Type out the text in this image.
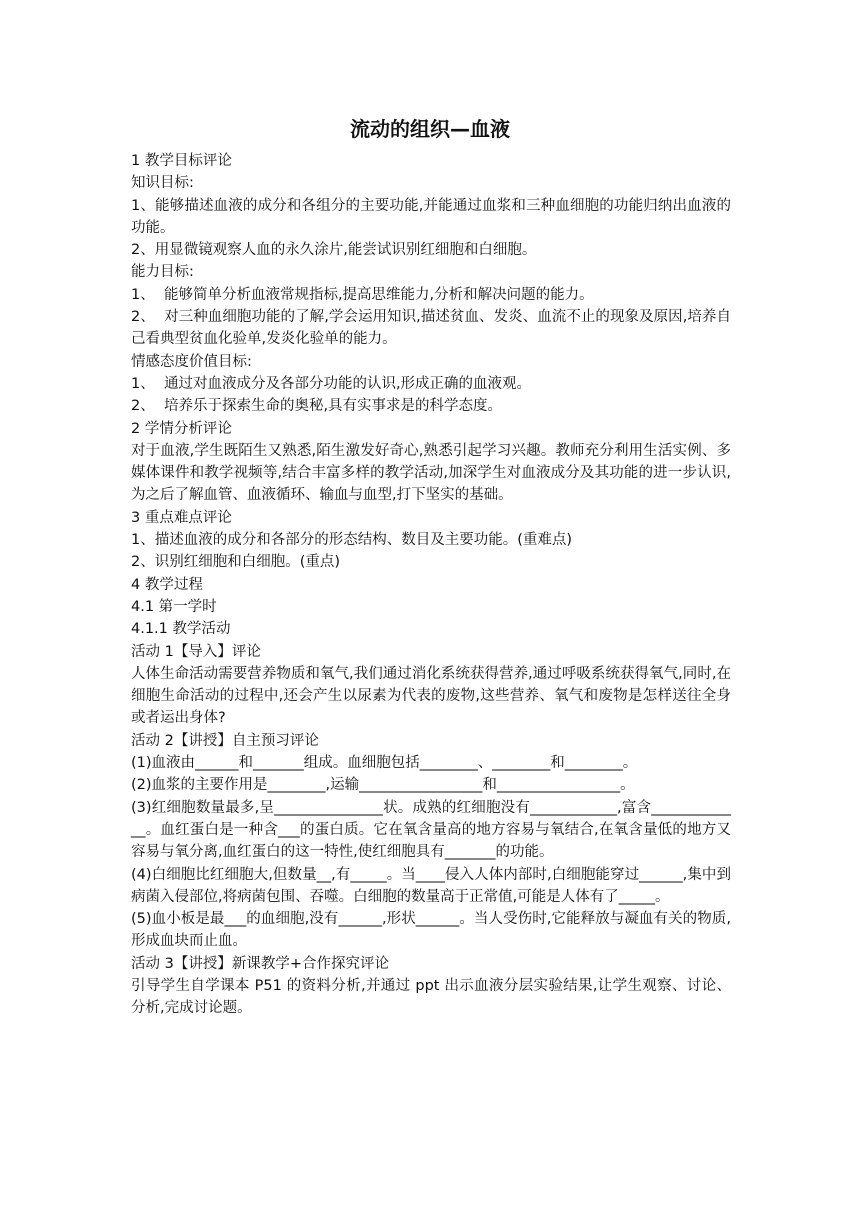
流动的组织—血液

1 教学目标评论

知识目标:

1、能够描述血液的成分和各组分的主要功能,并能通过血浆和三种血细胞的功能归纳出血液的功能。

2、用显微镜观察人血的永久涂片,能尝试识别红细胞和白细胞。

能力目标:

1、  能够简单分析血液常规指标,提高思维能力,分析和解决问题的能力。

2、  对三种血细胞功能的了解,学会运用知识,描述贫血、发炎、血流不止的现象及原因,培养自己看典型贫血化验单,发炎化验单的能力。

情感态度价值目标:

1、  通过对血液成分及各部分功能的认识,形成正确的血液观。

2、  培养乐于探索生命的奥秘,具有实事求是的科学态度。

2 学情分析评论

对于血液,学生既陌生又熟悉,陌生激发好奇心,熟悉引起学习兴趣。教师充分利用生活实例、多媒体课件和教学视频等,结合丰富多样的教学活动,加深学生对血液成分及其功能的进一步认识,为之后了解血管、血液循环、输血与血型,打下坚实的基础。

3 重点难点评论

1、描述血液的成分和各部分的形态结构、数目及主要功能。(重难点)

2、识别红细胞和白细胞。(重点)

4 教学过程

4.1 第一学时

4.1.1 教学活动

活动 1【导入】评论

人体生命活动需要营养物质和氧气,我们通过消化系统获得营养,通过呼吸系统获得氧气,同时,在细胞生命活动的过程中,还会产生以尿素为代表的废物,这些营养、氧气和废物是怎样送往全身或者运出身体?

活动 2【讲授】自主预习评论

(1)血液由______和_______组成。血细胞包括________、________和________。

(2)血浆的主要作用是________,运输_________________和_________________。

(3)红细胞数量最多,呈_______________状。成熟的红细胞没有____________,富含_____________。血红蛋白是一种含___的蛋白质。它在氧含量高的地方容易与氧结合,在氧含量低的地方又容易与氧分离,血红蛋白的这一特性,使红细胞具有_______的功能。

(4)白细胞比红细胞大,但数量__,有_____。当____侵入人体内部时,白细胞能穿过______,集中到病菌入侵部位,将病菌包围、吞噬。白细胞的数量高于正常值,可能是人体有了_____。

(5)血小板是最___的血细胞,没有______,形状______。当人受伤时,它能释放与凝血有关的物质,形成血块而止血。

活动 3【讲授】新课教学+合作探究评论

引导学生自学课本 P51 的资料分析,并通过 ppt 出示血液分层实验结果,让学生观察、讨论、分析,完成讨论题。
